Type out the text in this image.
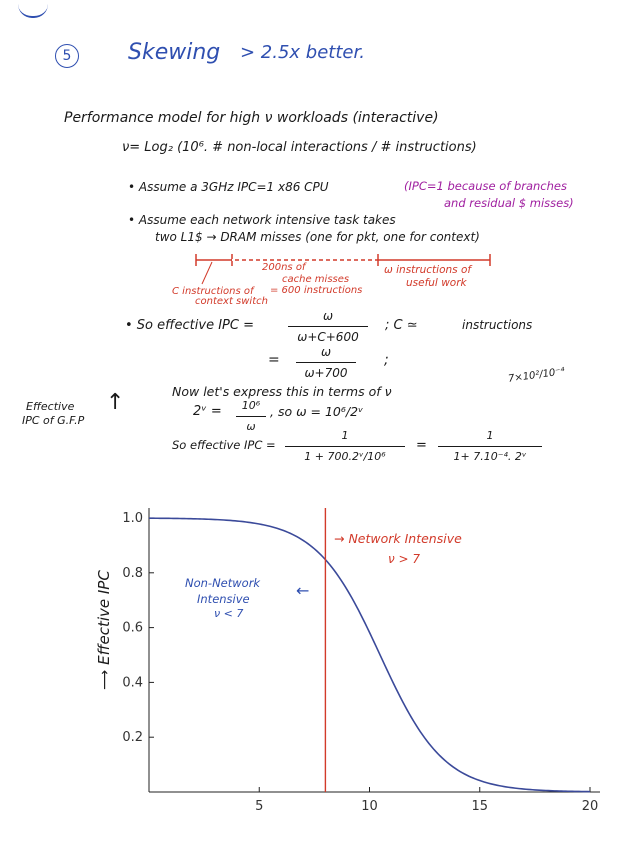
5	Skewing > 2.5x better.
Performance model for high ν workloads (interactive)
ν= Log₂ (10⁶. # non-local interactions / # instructions)
• Assume a 3GHz IPC=1 x86 CPU	(IPC=1 because of branches
and residual $ misses)
• Assume each network intensive task takes
two L1$ → DRAM misses (one for pkt, one for context)
C instructions of
context switch
200ns of
cache misses
= 600 instructions
ω instructions of
useful work
• So effective IPC =
ω
ω+C+600
; C ≃	instructions
=	ω
ω+700
;
7×10²/10⁻⁴
Effective
IPC of G.F.P
↑	Now let's express this in terms of ν
2ᵛ =	10⁶
ω
, so ω = 10⁶/2ᵛ
So effective IPC =
1
1 + 700.2ᵛ/10⁶
=
1
1+ 7.10⁻⁴. 2ᵛ
⟶ Effective IPC
5	10	15	20
0.2
0.4
0.6
0.8
1.0
→ Network Intensive
ν > 7
Non-Network
Intensive
ν < 7
←
